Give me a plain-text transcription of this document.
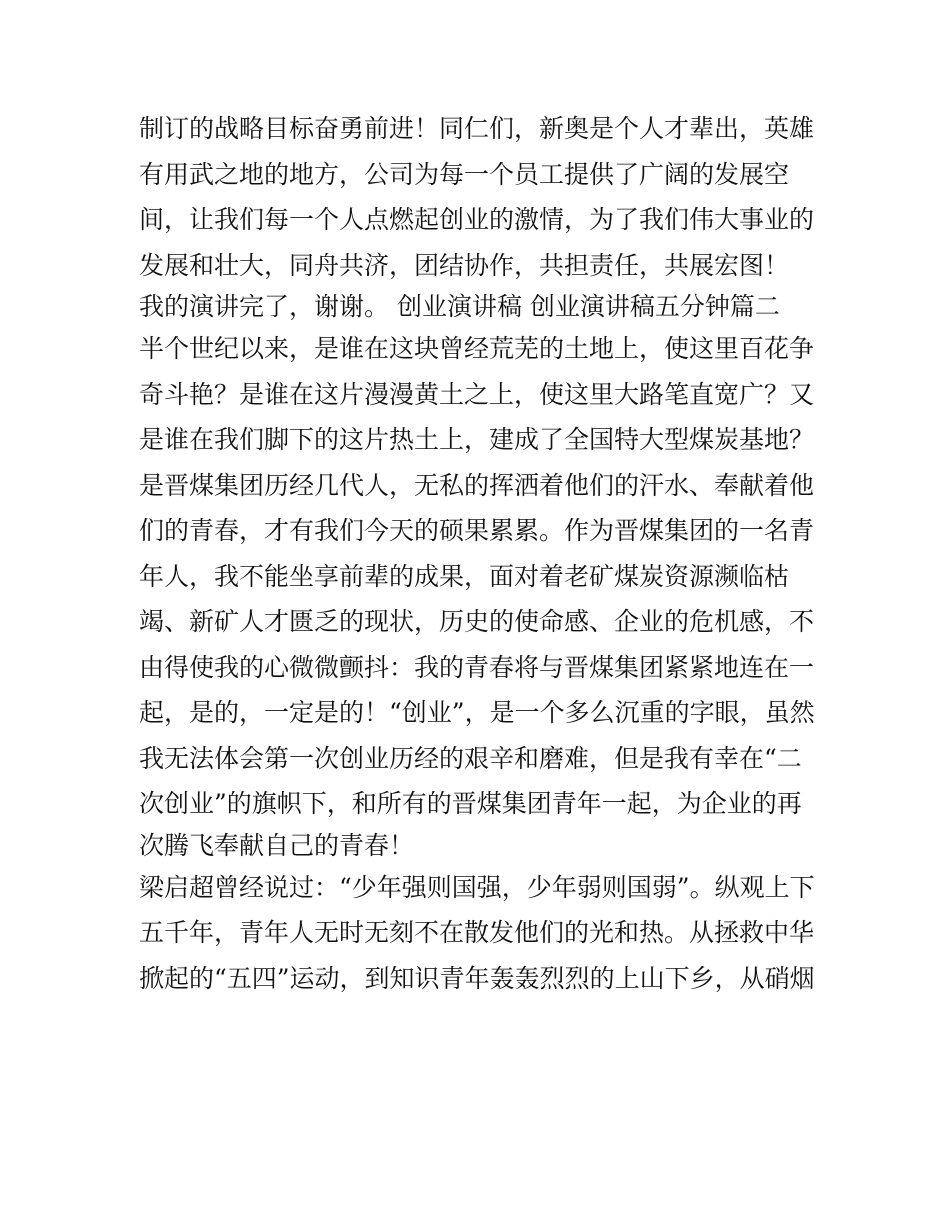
制订的战略目标奋勇前进！同仁们，新奥是个人才辈出，英雄
有用武之地的地方，公司为每一个员工提供了广阔的发展空
间，让我们每一个人点燃起创业的激情，为了我们伟大事业的
发展和壮大，同舟共济，团结协作，共担责任，共展宏图！
我的演讲完了，谢谢。 创业演讲稿 创业演讲稿五分钟篇二
半个世纪以来，是谁在这块曾经荒芜的土地上，使这里百花争
奇斗艳？是谁在这片漫漫黄土之上，使这里大路笔直宽广？又
是谁在我们脚下的这片热土上，建成了全国特大型煤炭基地？
是晋煤集团历经几代人，无私的挥洒着他们的汗水、奉献着他
们的青春，才有我们今天的硕果累累。作为晋煤集团的一名青
年人，我不能坐享前辈的成果，面对着老矿煤炭资源濒临枯
竭、新矿人才匮乏的现状，历史的使命感、企业的危机感，不
由得使我的心微微颤抖：我的青春将与晋煤集团紧紧地连在一
起，是的，一定是的！“创业”，是一个多么沉重的字眼，虽然
我无法体会第一次创业历经的艰辛和磨难，但是我有幸在“二
次创业”的旗帜下，和所有的晋煤集团青年一起，为企业的再
次腾飞奉献自己的青春！
梁启超曾经说过：“少年强则国强，少年弱则国弱”。纵观上下
五千年，青年人无时无刻不在散发他们的光和热。从拯救中华
掀起的“五四”运动，到知识青年轰轰烈烈的上山下乡，从硝烟
